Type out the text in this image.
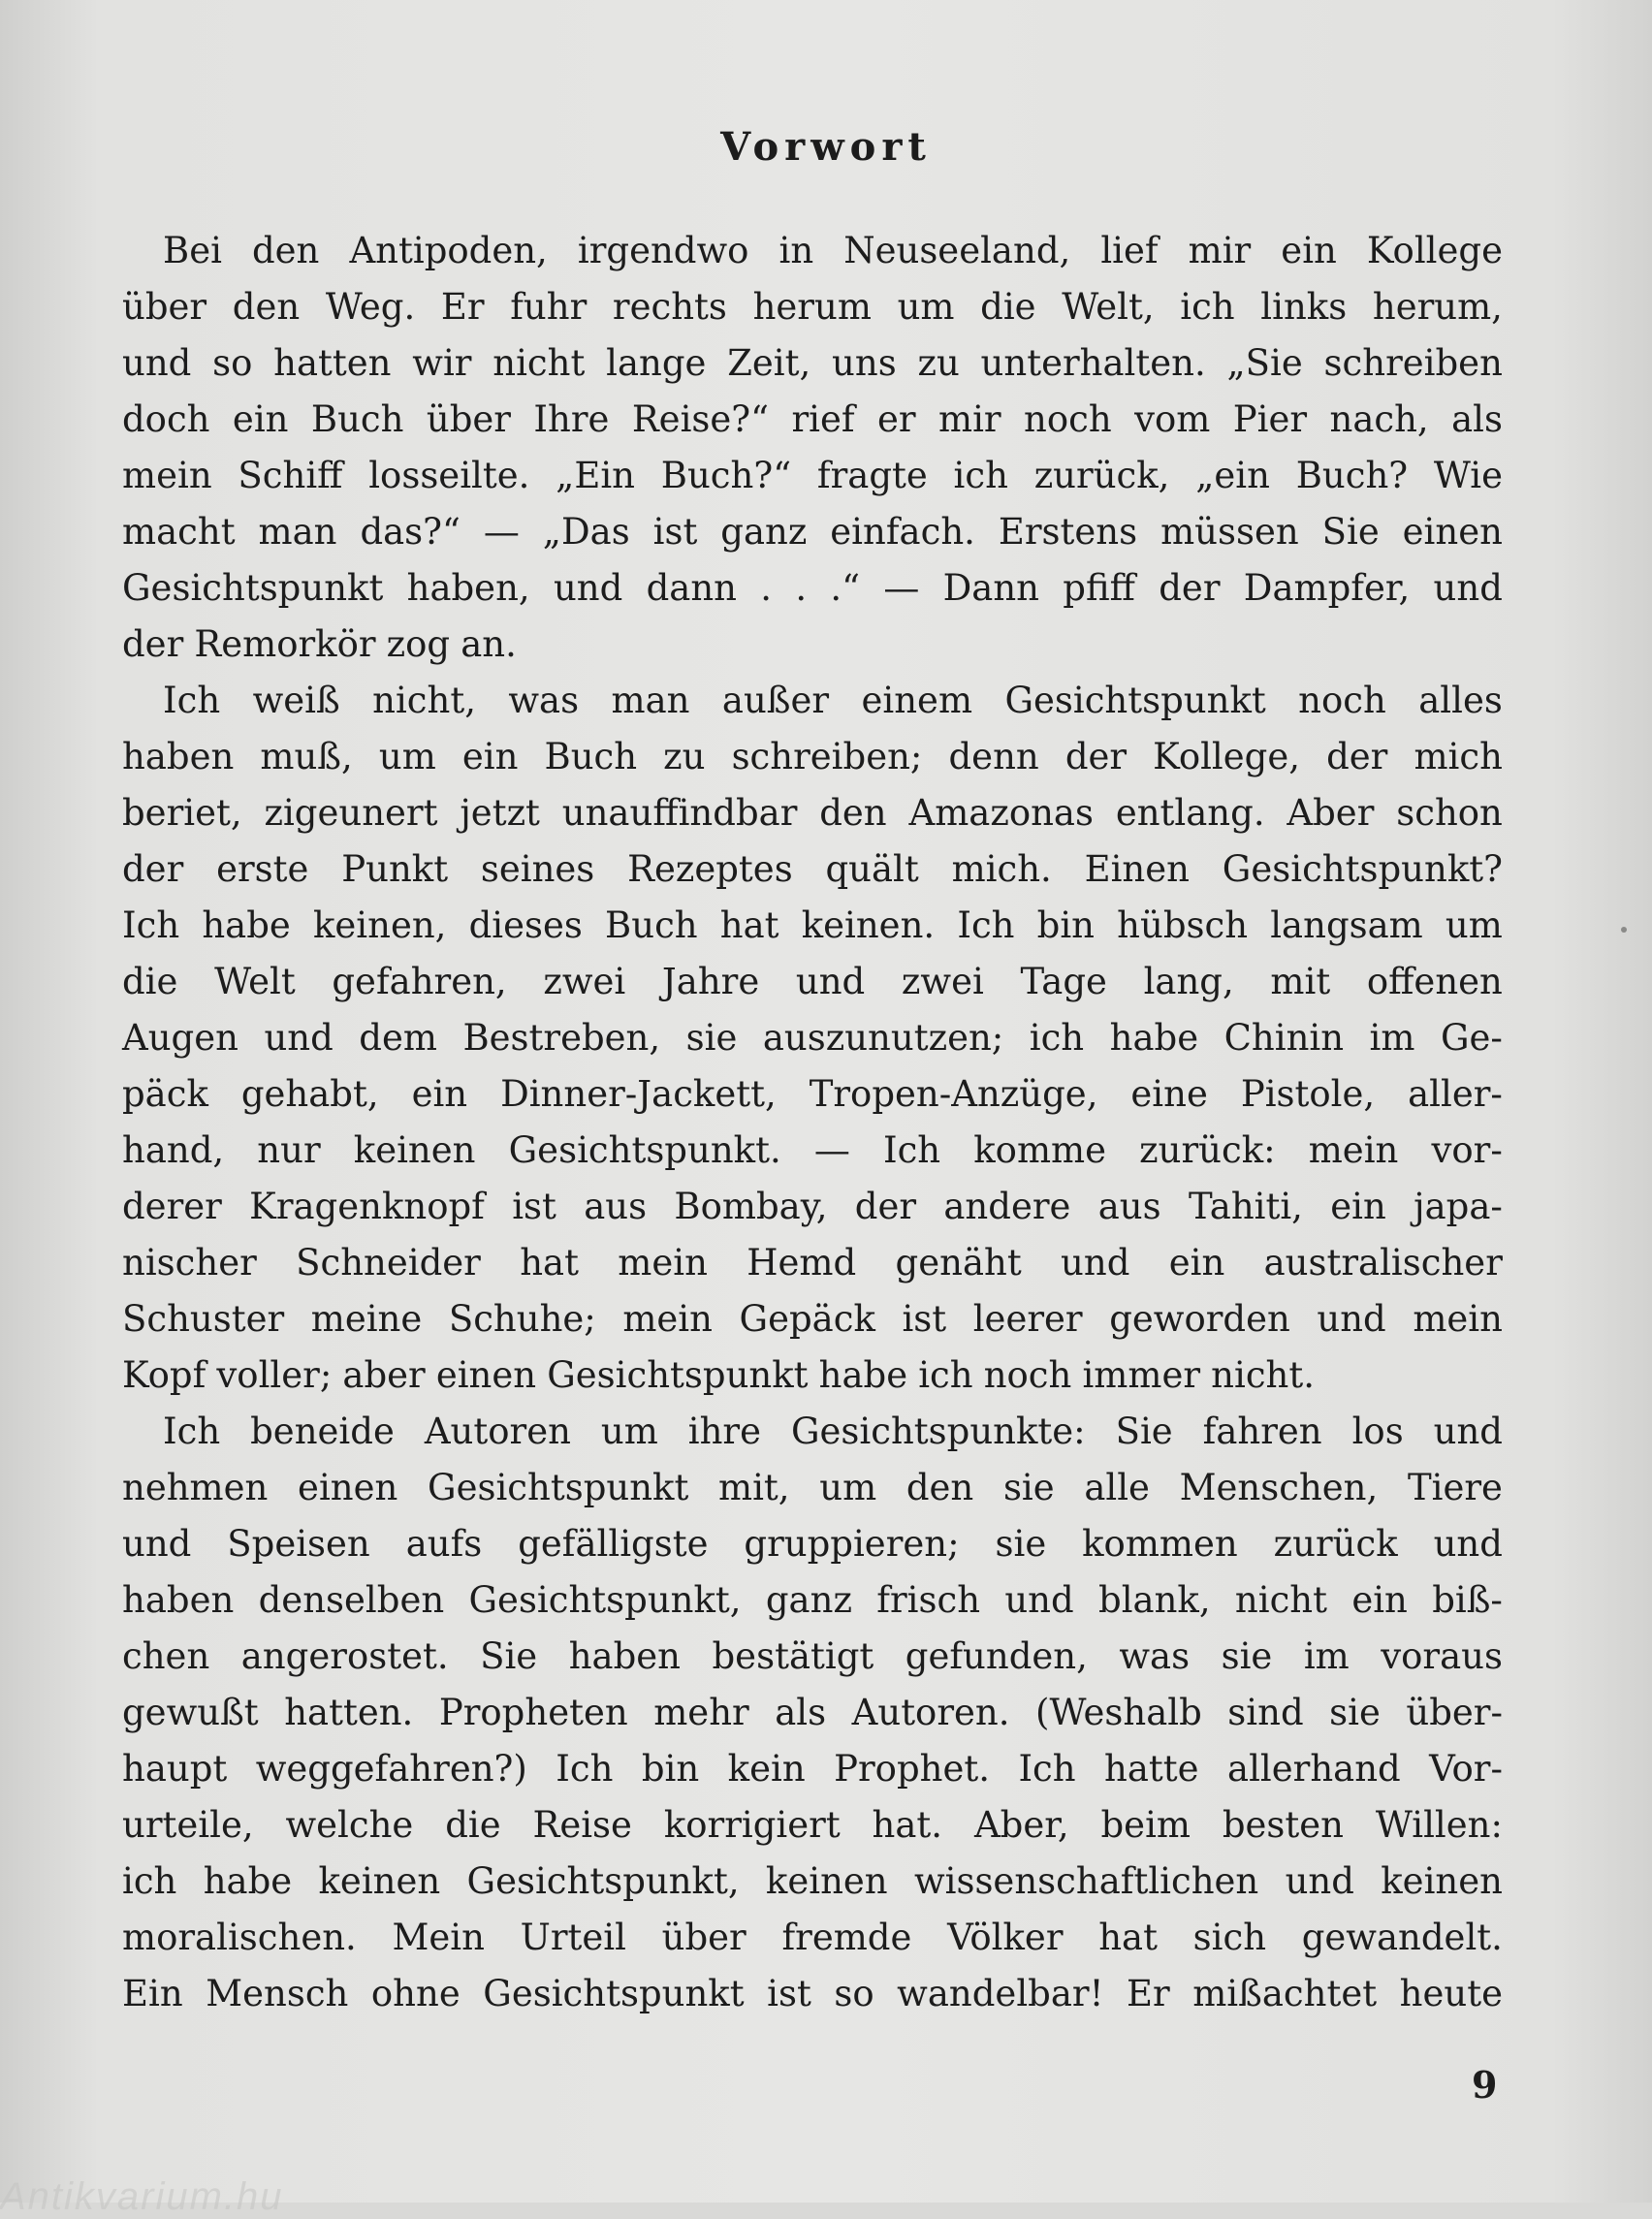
Vorwort
Bei den Antipoden, irgendwo in Neuseeland, lief mir ein Kollege
über den Weg. Er fuhr rechts herum um die Welt, ich links herum,
und so hatten wir nicht lange Zeit, uns zu unterhalten. „Sie schreiben
doch ein Buch über Ihre Reise?“ rief er mir noch vom Pier nach, als
mein Schiff losseilte. „Ein Buch?“ fragte ich zurück, „ein Buch? Wie
macht man das?“ — „Das ist ganz einfach. Erstens müssen Sie einen
Gesichtspunkt haben, und dann . . .“ — Dann pfiff der Dampfer, und
der Remorkör zog an.
Ich weiß nicht, was man außer einem Gesichtspunkt noch alles
haben muß, um ein Buch zu schreiben; denn der Kollege, der mich
beriet, zigeunert jetzt unauffindbar den Amazonas entlang. Aber schon
der erste Punkt seines Rezeptes quält mich. Einen Gesichtspunkt?
Ich habe keinen, dieses Buch hat keinen. Ich bin hübsch langsam um
die Welt gefahren, zwei Jahre und zwei Tage lang, mit offenen
Augen und dem Bestreben, sie auszunutzen; ich habe Chinin im Ge-
päck gehabt, ein Dinner-Jackett, Tropen-Anzüge, eine Pistole, aller-
hand, nur keinen Gesichtspunkt. — Ich komme zurück: mein vor-
derer Kragenknopf ist aus Bombay, der andere aus Tahiti, ein japa-
nischer Schneider hat mein Hemd genäht und ein australischer
Schuster meine Schuhe; mein Gepäck ist leerer geworden und mein
Kopf voller; aber einen Gesichtspunkt habe ich noch immer nicht.
Ich beneide Autoren um ihre Gesichtspunkte: Sie fahren los und
nehmen einen Gesichtspunkt mit, um den sie alle Menschen, Tiere
und Speisen aufs gefälligste gruppieren; sie kommen zurück und
haben denselben Gesichtspunkt, ganz frisch und blank, nicht ein biß-
chen angerostet. Sie haben bestätigt gefunden, was sie im voraus
gewußt hatten. Propheten mehr als Autoren. (Weshalb sind sie über-
haupt weggefahren?) Ich bin kein Prophet. Ich hatte allerhand Vor-
urteile, welche die Reise korrigiert hat. Aber, beim besten Willen:
ich habe keinen Gesichtspunkt, keinen wissenschaftlichen und keinen
moralischen. Mein Urteil über fremde Völker hat sich gewandelt.
Ein Mensch ohne Gesichtspunkt ist so wandelbar! Er mißachtet heute
9
Antikvarium.hu
